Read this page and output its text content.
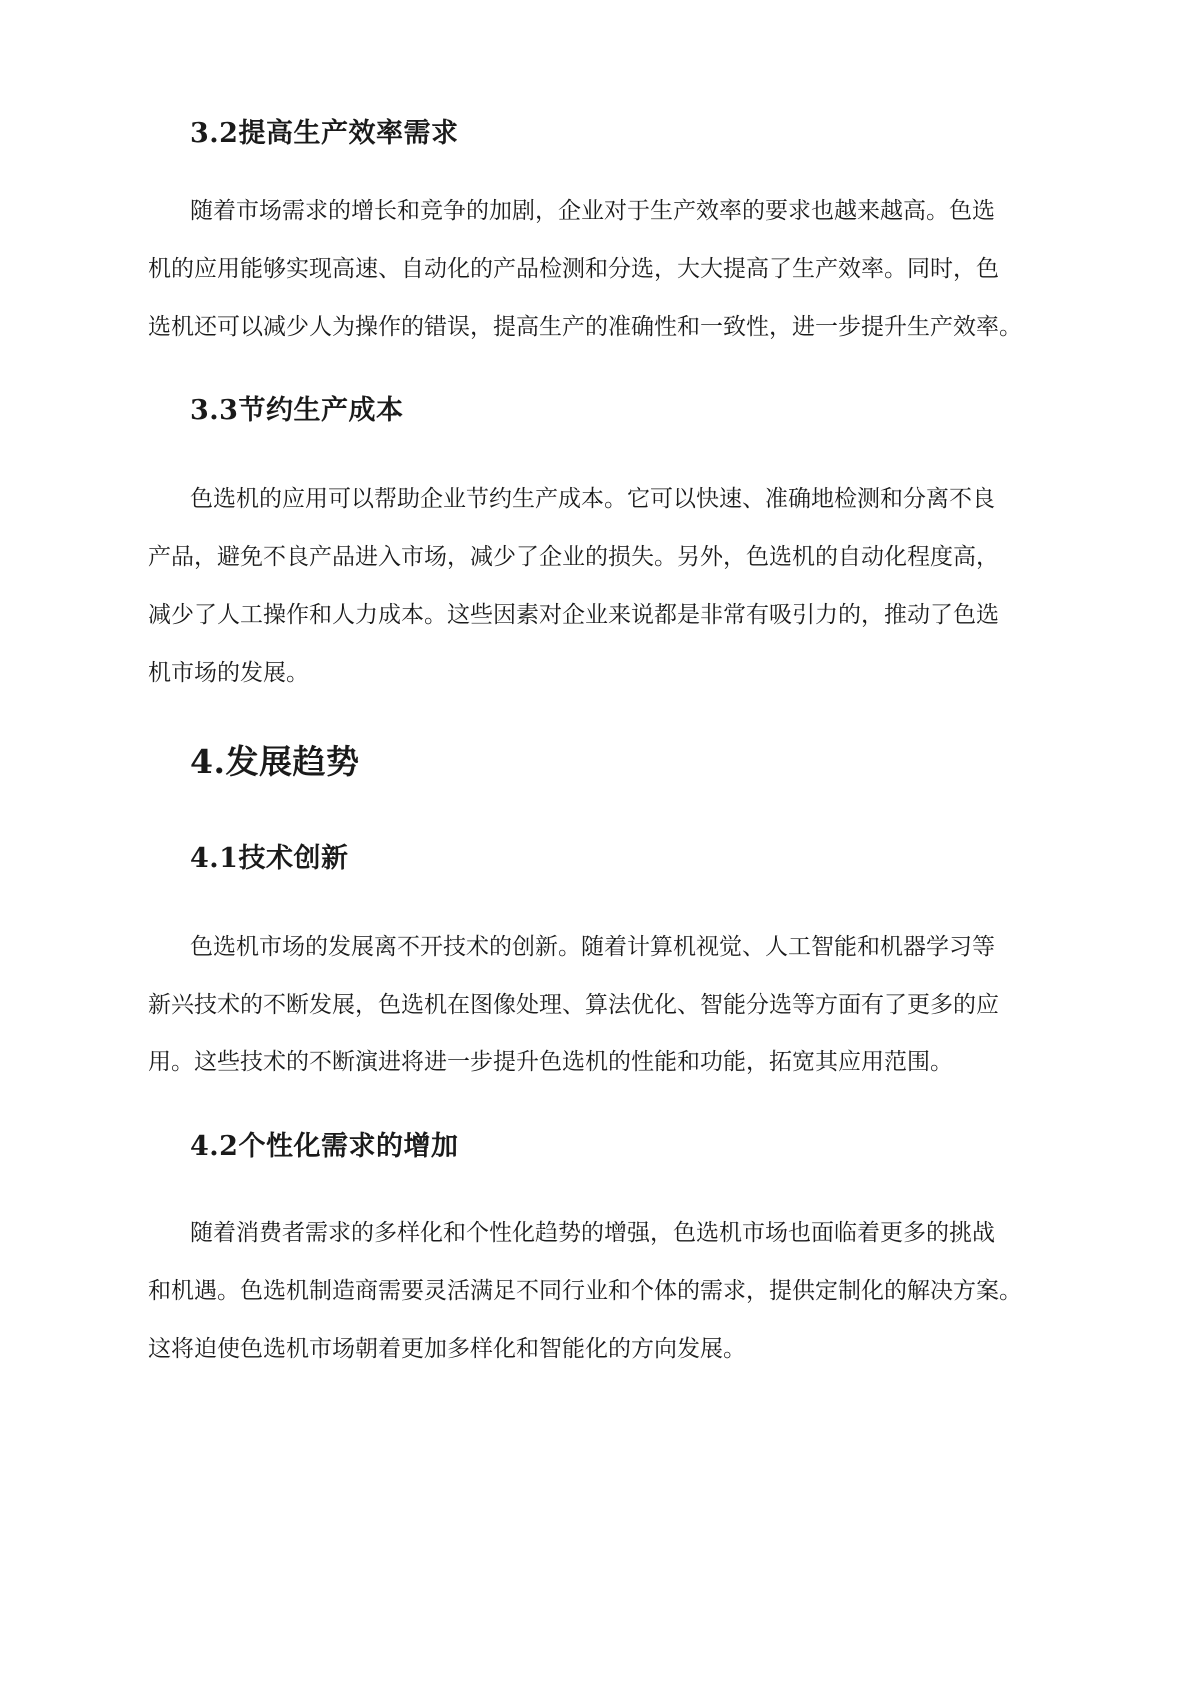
3.2提高生产效率需求

随着市场需求的增长和竞争的加剧，企业对于生产效率的要求也越来越高。色选

机的应用能够实现高速、自动化的产品检测和分选，大大提高了生产效率。同时，色

选机还可以减少人为操作的错误，提高生产的准确性和一致性，进一步提升生产效率。

3.3节约生产成本

色选机的应用可以帮助企业节约生产成本。它可以快速、准确地检测和分离不良

产品，避免不良产品进入市场，减少了企业的损失。另外，色选机的自动化程度高，

减少了人工操作和人力成本。这些因素对企业来说都是非常有吸引力的，推动了色选

机市场的发展。

4.发展趋势
4.1技术创新

色选机市场的发展离不开技术的创新。随着计算机视觉、人工智能和机器学习等

新兴技术的不断发展，色选机在图像处理、算法优化、智能分选等方面有了更多的应

用。这些技术的不断演进将进一步提升色选机的性能和功能，拓宽其应用范围。

4.2个性化需求的增加

随着消费者需求的多样化和个性化趋势的增强，色选机市场也面临着更多的挑战

和机遇。色选机制造商需要灵活满足不同行业和个体的需求，提供定制化的解决方案。

这将迫使色选机市场朝着更加多样化和智能化的方向发展。
